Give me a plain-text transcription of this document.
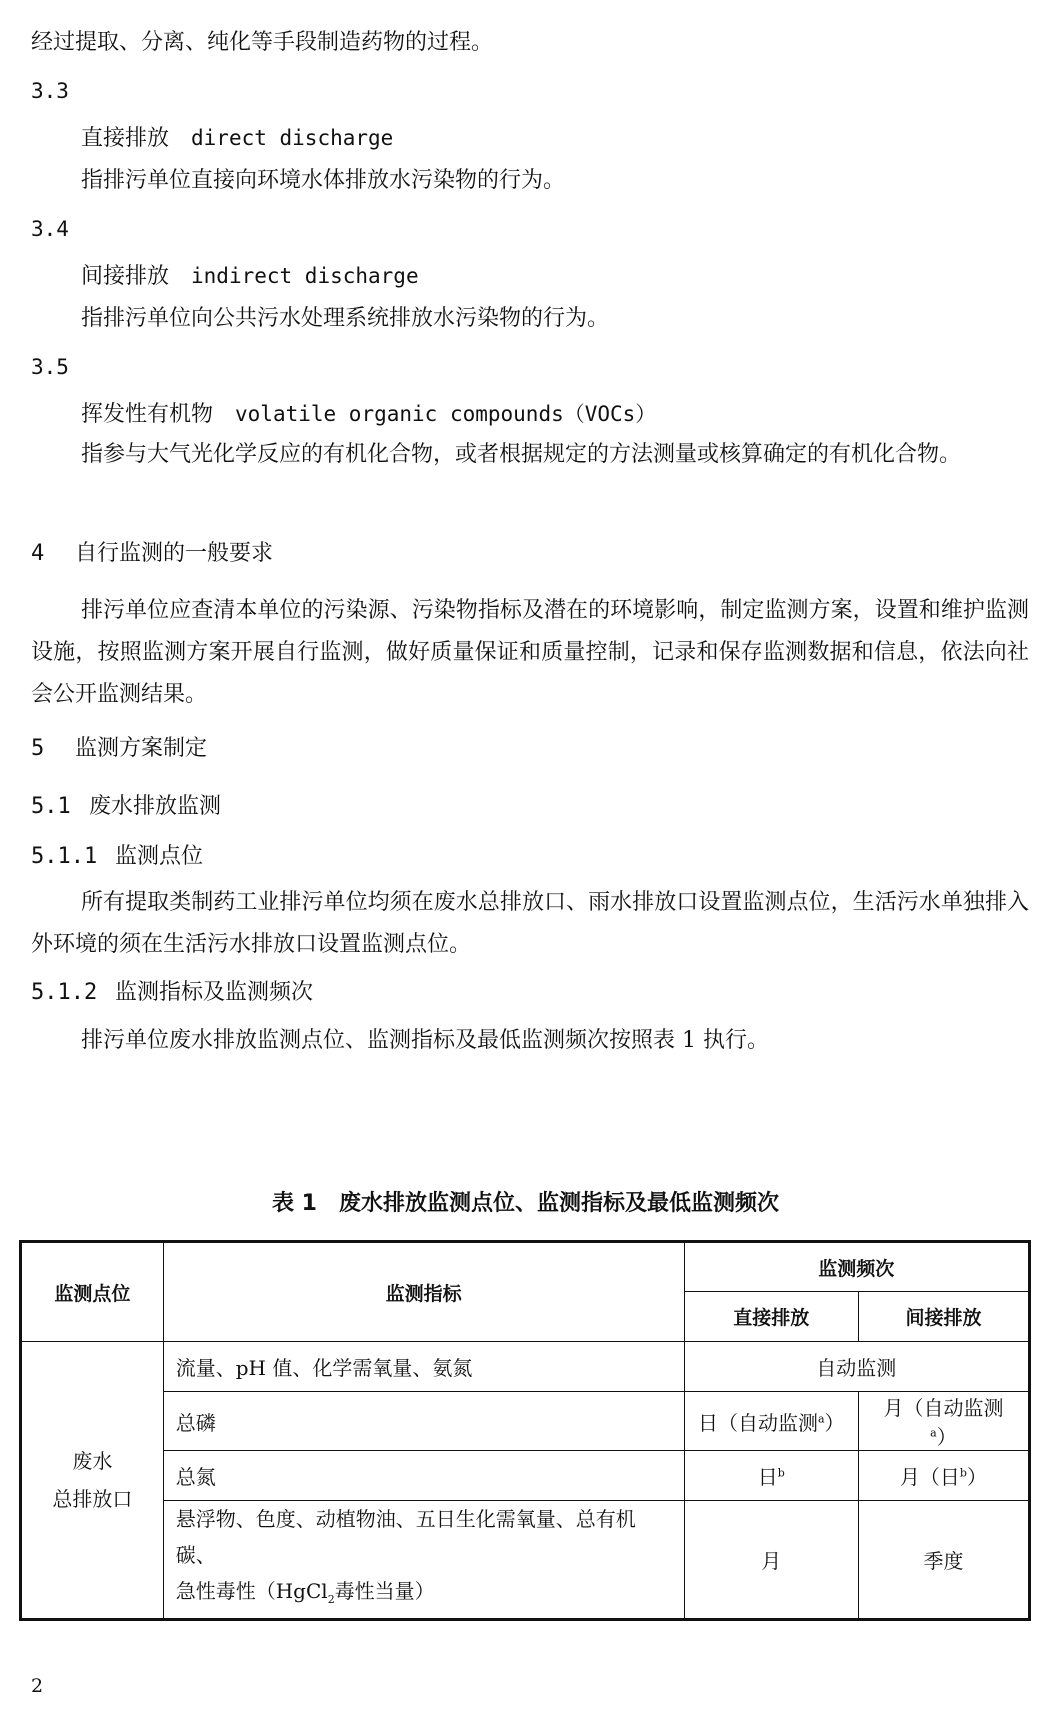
经过提取、分离、纯化等手段制造药物的过程。
3.3
直接排放 direct discharge
指排污单位直接向环境水体排放水污染物的行为。
3.4
间接排放 indirect discharge
指排污单位向公共污水处理系统排放水污染物的行为。
3.5
挥发性有机物 volatile organic compounds（VOCs）
指参与大气光化学反应的有机化合物，或者根据规定的方法测量或核算确定的有机化合物。
4 自行监测的一般要求
排污单位应查清本单位的污染源、污染物指标及潜在的环境影响，制定监测方案，设置和维护监测设施，按照监测方案开展自行监测，做好质量保证和质量控制，记录和保存监测数据和信息，依法向社会公开监测结果。
5 监测方案制定
5.1 废水排放监测
5.1.1 监测点位
所有提取类制药工业排污单位均须在废水总排放口、雨水排放口设置监测点位，生活污水单独排入外环境的须在生活污水排放口设置监测点位。
5.1.2 监测指标及监测频次
排污单位废水排放监测点位、监测指标及最低监测频次按照表 1 执行。
表 1　废水排放监测点位、监测指标及最低监测频次
监测点位	监测指标	监测频次	
		直接排放	间接排放
废水
总排放口	流量、pH 值、化学需氧量、氨氮	自动监测	
	总磷	日（自动监测$^a$）	月（自动监测$^a$）
	总氮	日$^b$	月（日$^b$）
	悬浮物、色度、动植物油、五日生化需氧量、总有机碳、
急性毒性（HgCl$_2$毒性当量）	月	季度
2
